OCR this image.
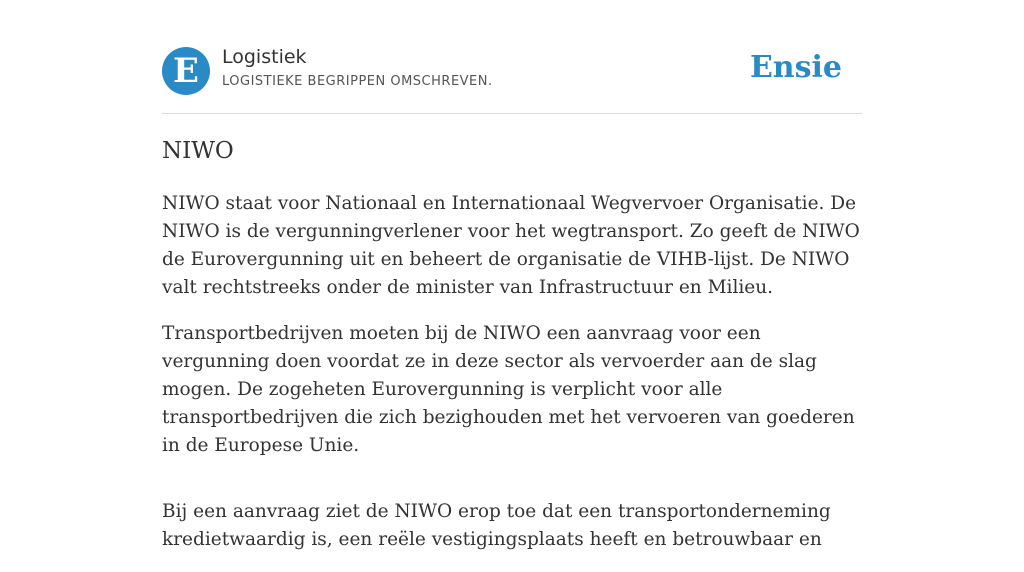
E	Logistiek
LOGISTIEKE BEGRIPPEN OMSCHREVEN.	Ensie
NIWO

NIWO staat voor Nationaal en Internationaal Wegvervoer Organisatie. De NIWO is de vergunningverlener voor het wegtransport. Zo geeft de NIWO de Eurovergunning uit en beheert de organisatie de VIHB-lijst. De NIWO valt rechtstreeks onder de minister van Infrastructuur en Milieu.

Transportbedrijven moeten bij de NIWO een aanvraag voor een vergunning doen voordat ze in deze sector als vervoerder aan de slag mogen. De zogeheten Eurovergunning is verplicht voor alle transportbedrijven die zich bezighouden met het vervoeren van goederen in de Europese Unie.

Bij een aanvraag ziet de NIWO erop toe dat een transportonderneming kredietwaardig is, een reële vestigingsplaats heeft en betrouwbaar en
